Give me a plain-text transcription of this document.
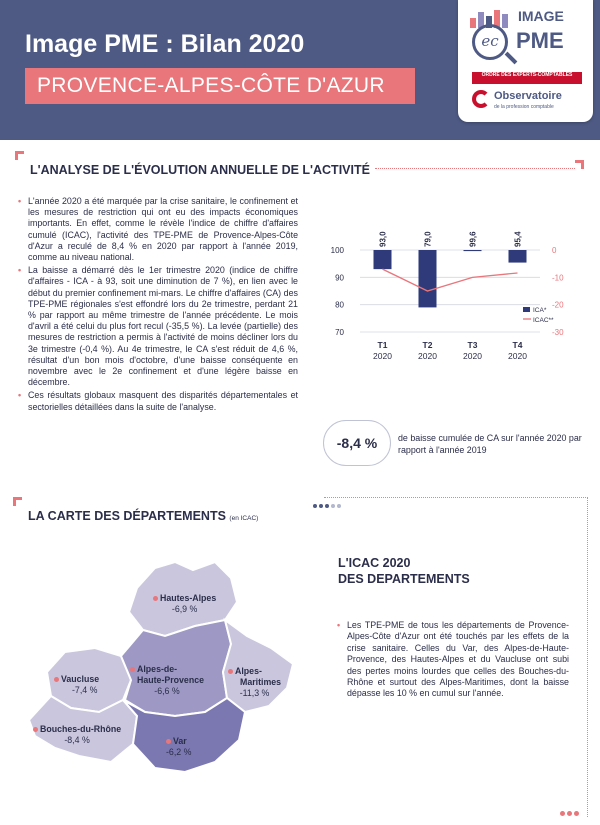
Image PME : Bilan 2020
PROVENCE-ALPES-CÔTE D'AZUR
IMAGE
ec PME
ORDRE DES EXPERTS-COMPTABLES
Observatoire
de la profession comptable
L'ANALYSE DE L'ÉVOLUTION ANNUELLE DE L'ACTIVITÉ
• L'année 2020 a été marquée par la crise sanitaire, le confinement et les mesures de restriction qui ont eu des impacts économiques importants. En effet, comme le révèle l'indice de chiffre d'affaires cumulé (ICAC), l'activité des TPE-PME de Provence-Alpes-Côte d'Azur a reculé de 8,4 % en 2020 par rapport à l'année 2019, comme au niveau national.
• La baisse a démarré dès le 1er trimestre 2020 (indice de chiffre d'affaires - ICA - à 93, soit une diminution de 7 %), en lien avec le début du premier confinement mi-mars. Le chiffre d'affaires (CA) des TPE-PME régionales s'est effondré lors du 2e trimestre, perdant 21 % par rapport au même trimestre de l'année précédente. Le mois d'avril a été celui du plus fort recul (-35,5 %). La levée (partielle) des mesures de restriction a permis à l'activité de moins décliner lors du 3e trimestre (-0,4 %). Au 4e trimestre, le CA s'est réduit de 4,6 %, résultat d'un bon mois d'octobre, d'une baisse conséquente en novembre avec le 2e confinement et d'une légère baisse en décembre.
• Ces résultats globaux masquent des disparités départementales et sectorielles détaillées dans la suite de l'analyse.
100
90
80
70
0
-10
-20
-30
93,0
T1
2020
79,0
T2
2020
99,6
T3
2020
95,4
T4
2020
ICA*
ICAC**
-8,4 %	de baisse cumulée de CA sur l'année 2020 par rapport à l'année 2019
LA CARTE DES DÉPARTEMENTS (en ICAC)
L'ICAC 2020
DES DEPARTEMENTS
• Les TPE-PME de tous les départements de Provence-Alpes-Côte d'Azur ont été touchés par les effets de la crise sanitaire. Celles du Var, des Alpes-de-Haute-Provence, des Hautes-Alpes et du Vaucluse ont subi des pertes moins lourdes que celles des Bouches-du-Rhône et surtout des Alpes-Maritimes, dont la baisse dépasse les 10 % en cumul sur l'année.
Hautes-Alpes
-6,9 %
Vaucluse
-7,4 %
Alpes-de-
Haute-Provence
-6,6 %
Alpes-
Maritimes
-11,3 %
Bouches-du-Rhône
-8,4 %	Var
-6,2 %
